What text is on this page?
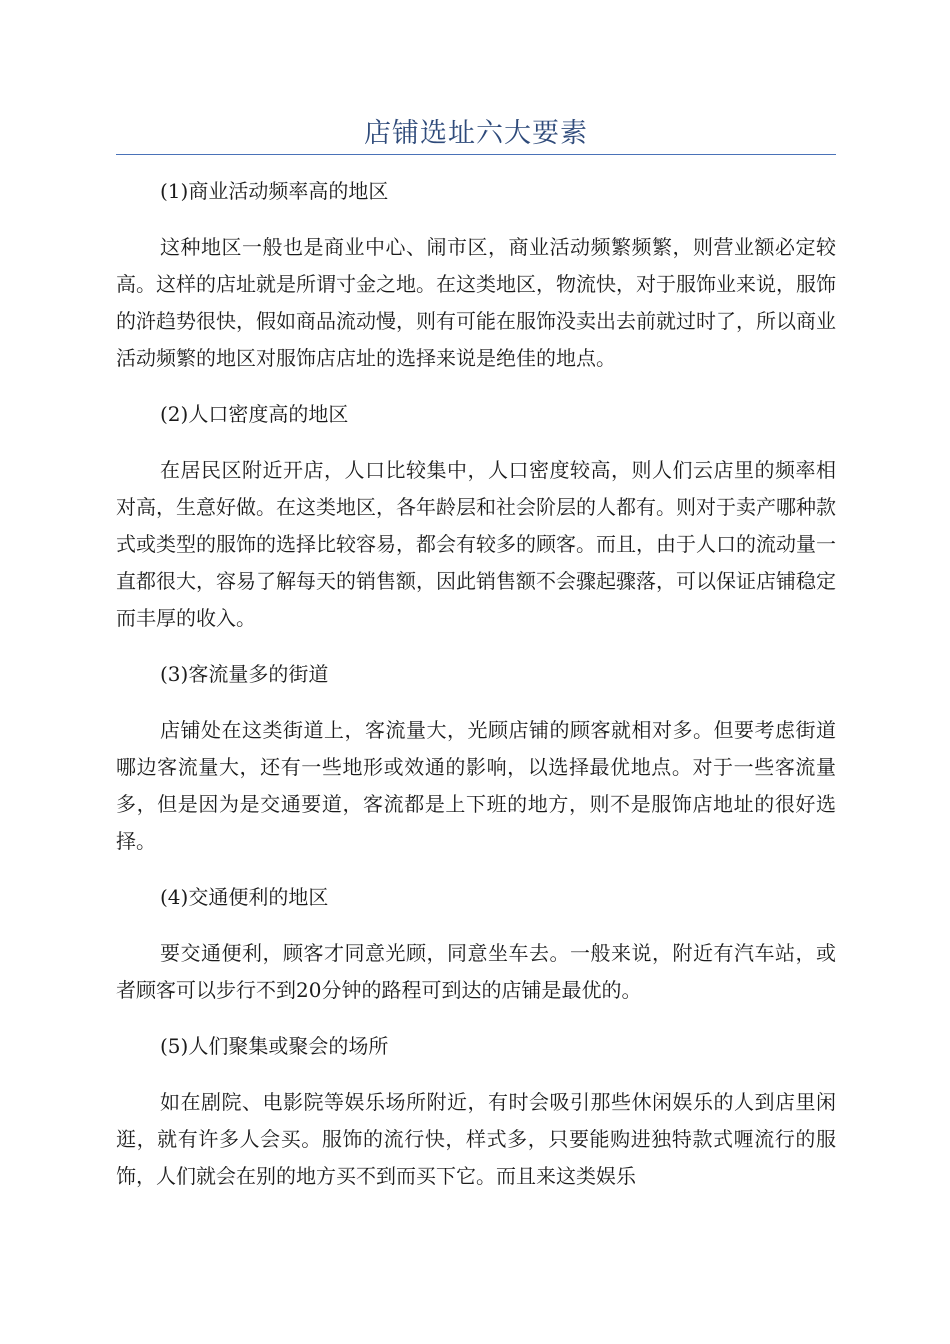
店铺选址六大要素

(1)商业活动频率高的地区

这种地区一般也是商业中心、闹市区，商业活动频繁频繁，则营业额必定较高。这样的店址就是所谓寸金之地。在这类地区，物流快，对于服饰业来说，服饰的浒趋势很快，假如商品流动慢，则有可能在服饰没卖出去前就过时了，所以商业活动频繁的地区对服饰店店址的选择来说是绝佳的地点。

(2)人口密度高的地区

在居民区附近开店，人口比较集中，人口密度较高，则人们云店里的频率相对高，生意好做。在这类地区，各年龄层和社会阶层的人都有。则对于卖产哪种款式或类型的服饰的选择比较容易，都会有较多的顾客。而且，由于人口的流动量一直都很大，容易了解每天的销售额，因此销售额不会骤起骤落，可以保证店铺稳定而丰厚的收入。

(3)客流量多的街道

店铺处在这类街道上，客流量大，光顾店铺的顾客就相对多。但要考虑街道哪边客流量大，还有一些地形或效通的影响，以选择最优地点。对于一些客流量多，但是因为是交通要道，客流都是上下班的地方，则不是服饰店地址的很好选择。

(4)交通便利的地区

要交通便利，顾客才同意光顾，同意坐车去。一般来说，附近有汽车站，或者顾客可以步行不到20分钟的路程可到达的店铺是最优的。

(5)人们聚集或聚会的场所

如在剧院、电影院等娱乐场所附近，有时会吸引那些休闲娱乐的人到店里闲逛，就有许多人会买。服饰的流行快，样式多，只要能购进独特款式喱流行的服饰，人们就会在别的地方买不到而买下它。而且来这类娱乐
